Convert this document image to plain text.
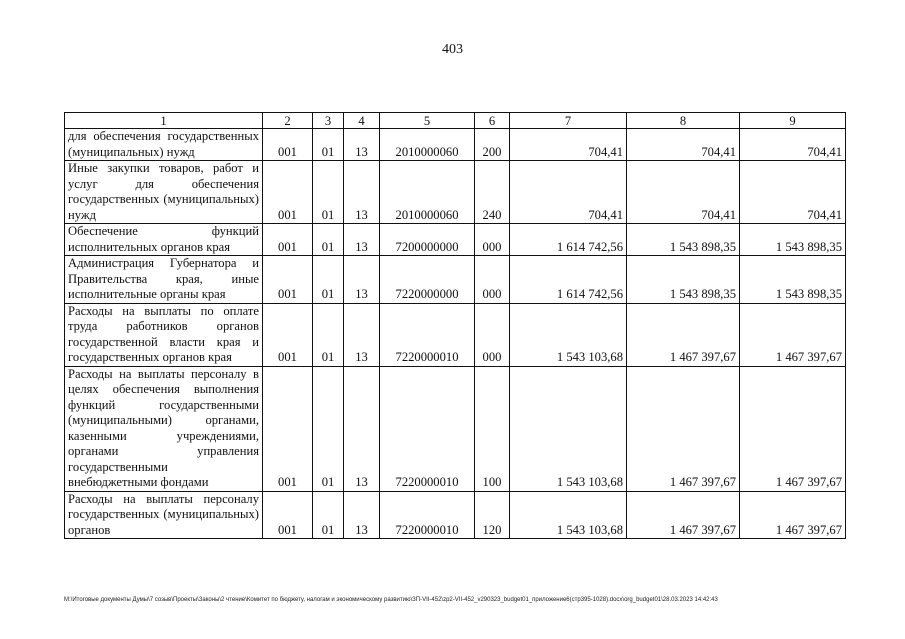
403
1	2	3	4	5	6	7	8	9
для обеспечения государственных (муниципальных) нужд	001	01	13	2010000060	200	704,41	704,41	704,41
Иные закупки товаров, работ и услуг для обеспечения государственных (муниципальных) нужд	001	01	13	2010000060	240	704,41	704,41	704,41
Обеспечение функций исполнительных органов края	001	01	13	7200000000	000	1 614 742,56	1 543 898,35	1 543 898,35
Администрация Губернатора и Правительства края, иные исполнительные органы края	001	01	13	7220000000	000	1 614 742,56	1 543 898,35	1 543 898,35
Расходы на выплаты по оплате труда работников органов государственной власти края и государственных органов края	001	01	13	7220000010	000	1 543 103,68	1 467 397,67	1 467 397,67
Расходы на выплаты персоналу в целях обеспечения выполнения функций государственными (муниципальными) органами, казенными учреждениями, органами управления государственными внебюджетными фондами	001	01	13	7220000010	100	1 543 103,68	1 467 397,67	1 467 397,67
Расходы на выплаты персоналу государственных (муниципальных) органов	001	01	13	7220000010	120	1 543 103,68	1 467 397,67	1 467 397,67
M:\Итоговые документы Думы\7 созыв\Проекты\Законы\2 чтение\Комитет по бюджету, налогам и экономическому развитию\ЗП-VII-452\zp2-VII-452_v290323_budget01_приложение6(стр395-1028).docx\org_budget01\28.03.2023 14:42:43
